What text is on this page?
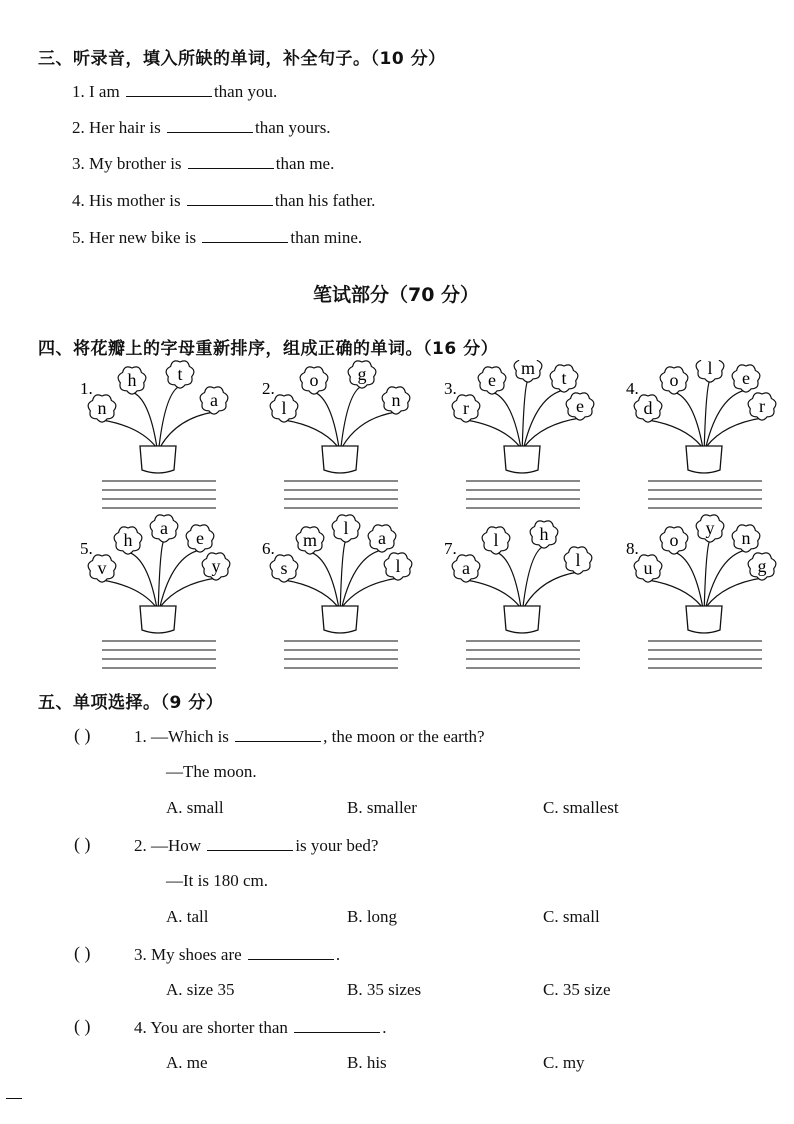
三、听录音，填入所缺的单词，补全句子。（10 分）
1. I am	than you.
2. Her hair is	than yours.
3. My brother is	than me.
4. His mother is	than his father.
5. Her new bike is	than mine.
笔试部分（70 分）
四、将花瓣上的字母重新排序，组成正确的单词。（16 分）
1.
n
h t
a
2.
l
o g
n
3.
r
e
m t
e
4.
d
o
l e
r
5.
v
h
a e
y
6.
s
m
l a
l
7.
a
l h
l
8.
u
o
y n
g
五、单项选择。（9 分）
( )	1. —Which is	, the moon or the earth?
—The moon.
A. small	B. smaller	C. smallest
( )	2. —How	is your bed?
—It is 180 cm.
A. tall	B. long	C. small
( )	3. My shoes are	.
A. size 35	B. 35 sizes	C. 35 size
( )	4. You are shorter than	.
A. me	B. his	C. my
